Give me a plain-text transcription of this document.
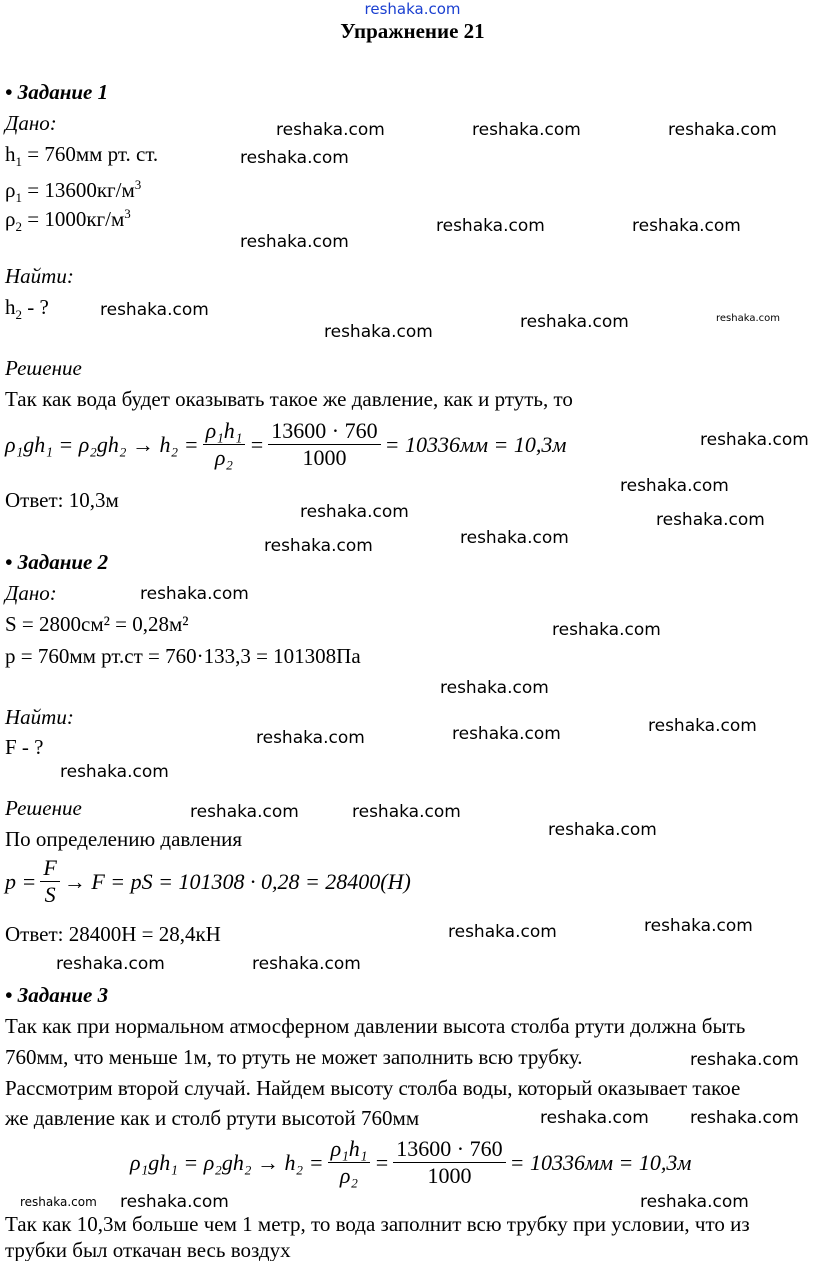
reshaka.com
Упражнение 21
• Задание 1
Дано:
$h_1 = 760мм$ рт. ст.
$\rho_1 = 13600кг/м^3$
$\rho_2 = 1000кг/м^3$
Найти:
$h_2$ - ?
Решение
Так как вода будет оказывать такое же давление, как и ртуть, то
$\rho_1gh_1 = \rho_2gh_2 \to h_2 = \frac{\text{ρ₁h₁}}{\text{ρ₂}} = \frac{13600 \cdot 760}{1000} = 10336мм = 10,3м$
Ответ: 10,3м
• Задание 2
Дано:
S = 2800см² = 0,28м²
p = 760мм рт.ст = 760·133,3 = 101308Па
Найти:
F - ?
Решение
По определению давления
$p = \frac{F}{S} \to F$ = pS = 101308 · 0,28 = 28400(H)
Ответ: 28400Н = 28,4кН
• Задание 3
Так как при нормальном атмосферном давлении высота столба ртути должна быть
760мм, что меньше 1м, то ртуть не может заполнить всю трубку.
Рассмотрим второй случай. Найдем высоту столба воды, который оказывает такое
же давление как и столб ртути высотой 760мм
$\rho_1gh_1 = \rho_2gh_2 \to h_2 = \frac{\text{ρ₁h₁}}{\text{ρ₂}} = \frac{13600 \cdot 760}{1000} = 10336мм = 10,3м$
Так как 10,3м больше чем 1 метр, то вода заполнит всю трубку при условии, что из
трубки был откачан весь воздух
reshaka.com
reshaka.com	reshaka.com	reshaka.com
reshaka.com
reshaka.com	reshaka.com
reshaka.com
reshaka.com	reshaka.com	reshaka.com
reshaka.com
reshaka.com
reshaka.com
reshaka.com
reshaka.com	reshaka.com
reshaka.com
reshaka.com
reshaka.com
reshaka.com	reshaka.com	reshaka.com
reshaka.com
reshaka.com
reshaka.com
reshaka.com
reshaka.com	reshaka.com
reshaka.com	reshaka.com
reshaka.com
reshaka.com reshaka.com
reshaka.com reshaka.com	reshaka.com
